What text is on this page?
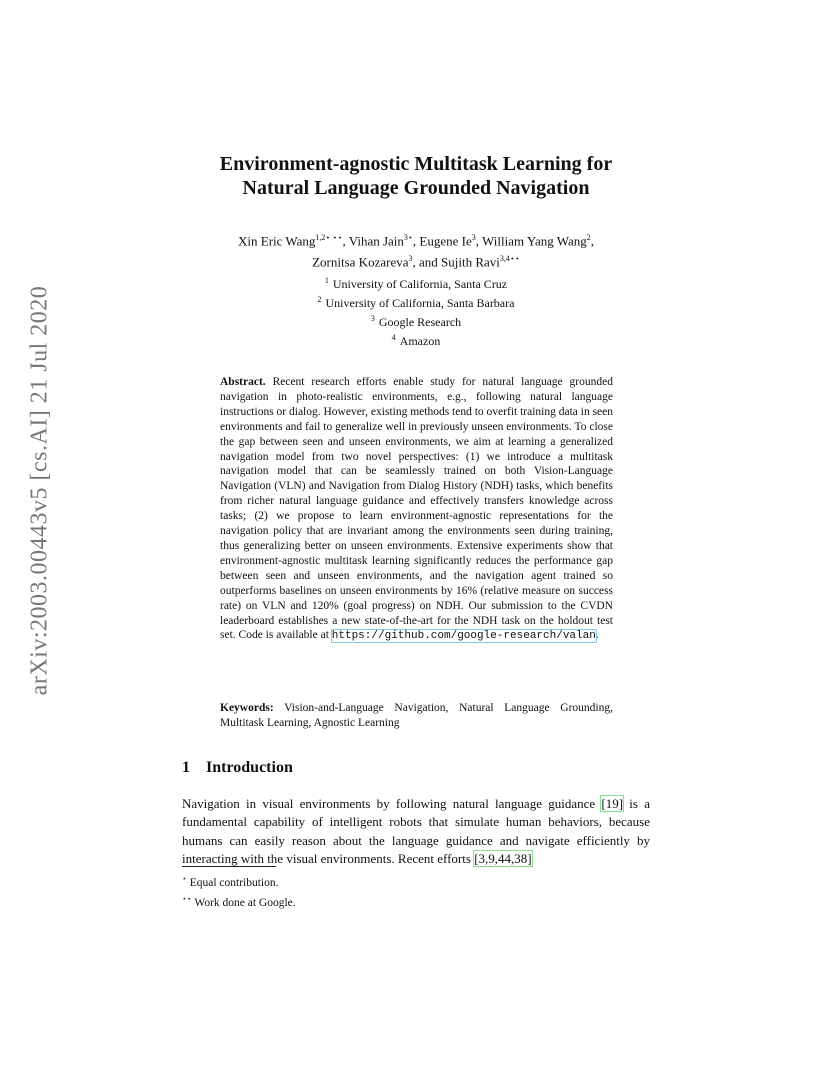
arXiv:2003.00443v5 [cs.AI] 21 Jul 2020
Environment-agnostic Multitask Learning for
Natural Language Grounded Navigation
Xin Eric Wang$^{1,2⋆ ⋆⋆}$, Vihan Jain$^{3⋆}$, Eugene Ie$^3$, William Yang Wang$^2$,
Zornitsa Kozareva$^3$, and Sujith Ravi$^{3,4⋆⋆}$
$^1$ University of California, Santa Cruz
$^2$ University of California, Santa Barbara
$^3$ Google Research
$^4$ Amazon
Abstract. Recent research efforts enable study for natural language grounded navigation in photo-realistic environments, e.g., following natural language instructions or dialog. However, existing methods tend to overfit training data in seen environments and fail to generalize well in previously unseen environments. To close the gap between seen and unseen environments, we aim at learning a generalized navigation model from two novel perspectives: (1) we introduce a multitask navigation model that can be seamlessly trained on both Vision-Language Navigation (VLN) and Navigation from Dialog History (NDH) tasks, which benefits from richer natural language guidance and effectively transfers knowledge across tasks; (2) we propose to learn environment-agnostic representations for the navigation policy that are invariant among the environments seen during training, thus generalizing better on unseen environments. Extensive experiments show that environment-agnostic multitask learning significantly reduces the performance gap between seen and unseen environments, and the navigation agent trained so outperforms baselines on unseen environments by 16% (relative measure on success rate) on VLN and 120% (goal progress) on NDH. Our submission to the CVDN leaderboard establishes a new state-of-the-art for the NDH task on the holdout test set. Code is available at https://github.com/google-research/valan.
Keywords: Vision-and-Language Navigation, Natural Language Grounding, Multitask Learning, Agnostic Learning
1 Introduction
Navigation in visual environments by following natural language guidance [19] is a fundamental capability of intelligent robots that simulate human behaviors, because humans can easily reason about the language guidance and navigate efficiently by interacting with the visual environments. Recent efforts [3,9,44,38]
⋆ Equal contribution.
⋆⋆ Work done at Google.
